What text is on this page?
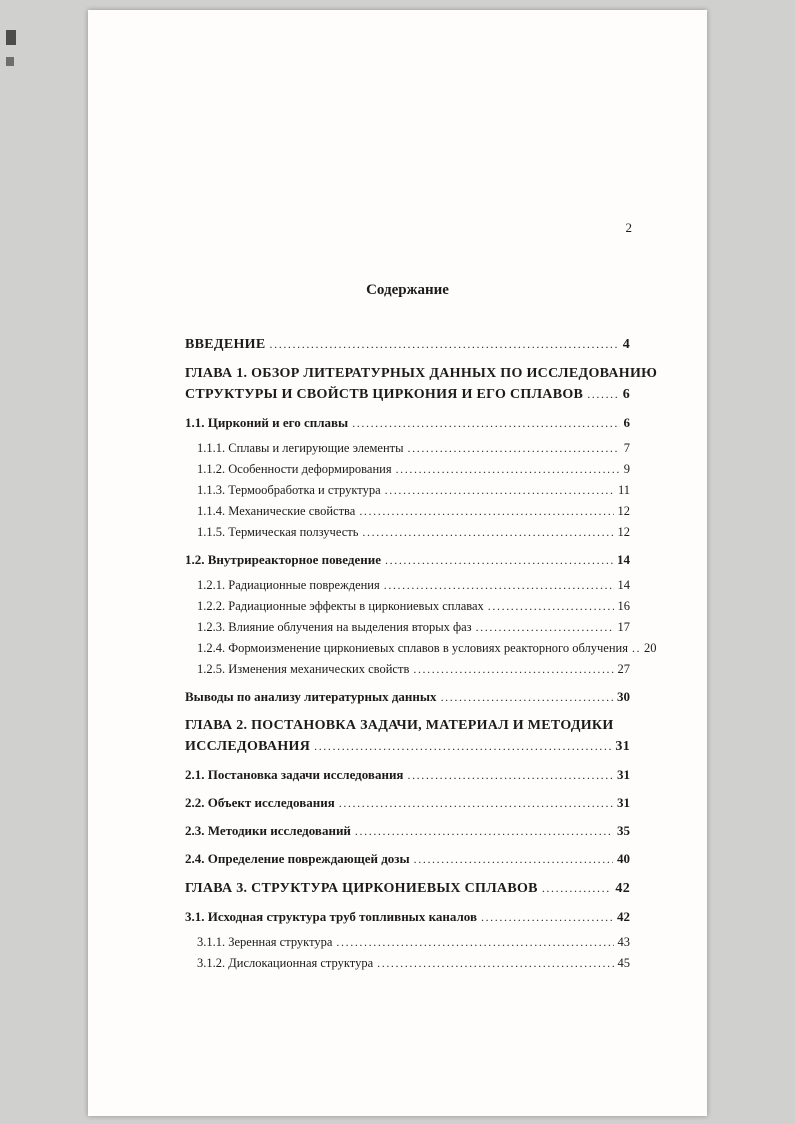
2
Содержание
ВВЕДЕНИЕ .....	4
ГЛАВА 1. ОБЗОР ЛИТЕРАТУРНЫХ ДАННЫХ ПО ИССЛЕДОВАНИЮ
СТРУКТУРЫ И СВОЙСТВ ЦИРКОНИЯ И ЕГО СПЛАВОВ .....	6
1.1. Цирконий и его сплавы .....	6
1.1.1. Сплавы и легирующие элементы .....	7
1.1.2. Особенности деформирования .....	9
1.1.3. Термообработка и структура .....	11
1.1.4. Механические свойства .....	12
1.1.5. Термическая ползучесть .....	12
1.2. Внутриреакторное поведение .....	14
1.2.1. Радиационные повреждения .....	14
1.2.2. Радиационные эффекты в циркониевых сплавах .....	16
1.2.3. Влияние облучения на выделения вторых фаз .....	17
1.2.4. Формоизменение циркониевых сплавов в условиях реакторного облучения ..... 20
1.2.5. Изменения механических свойств .....	27
Выводы по анализу литературных данных .....	30
ГЛАВА 2. ПОСТАНОВКА ЗАДАЧИ, МАТЕРИАЛ И МЕТОДИКИ
ИССЛЕДОВАНИЯ .....	31
2.1. Постановка задачи исследования .....	31
2.2. Объект исследования .....	31
2.3. Методики исследований .....	35
2.4. Определение повреждающей дозы .....	40
ГЛАВА 3. СТРУКТУРА ЦИРКОНИЕВЫХ СПЛАВОВ .....	42
3.1. Исходная структура труб топливных каналов .....	42
3.1.1. Зеренная структура .....	43
3.1.2. Дислокационная структура .....	45
